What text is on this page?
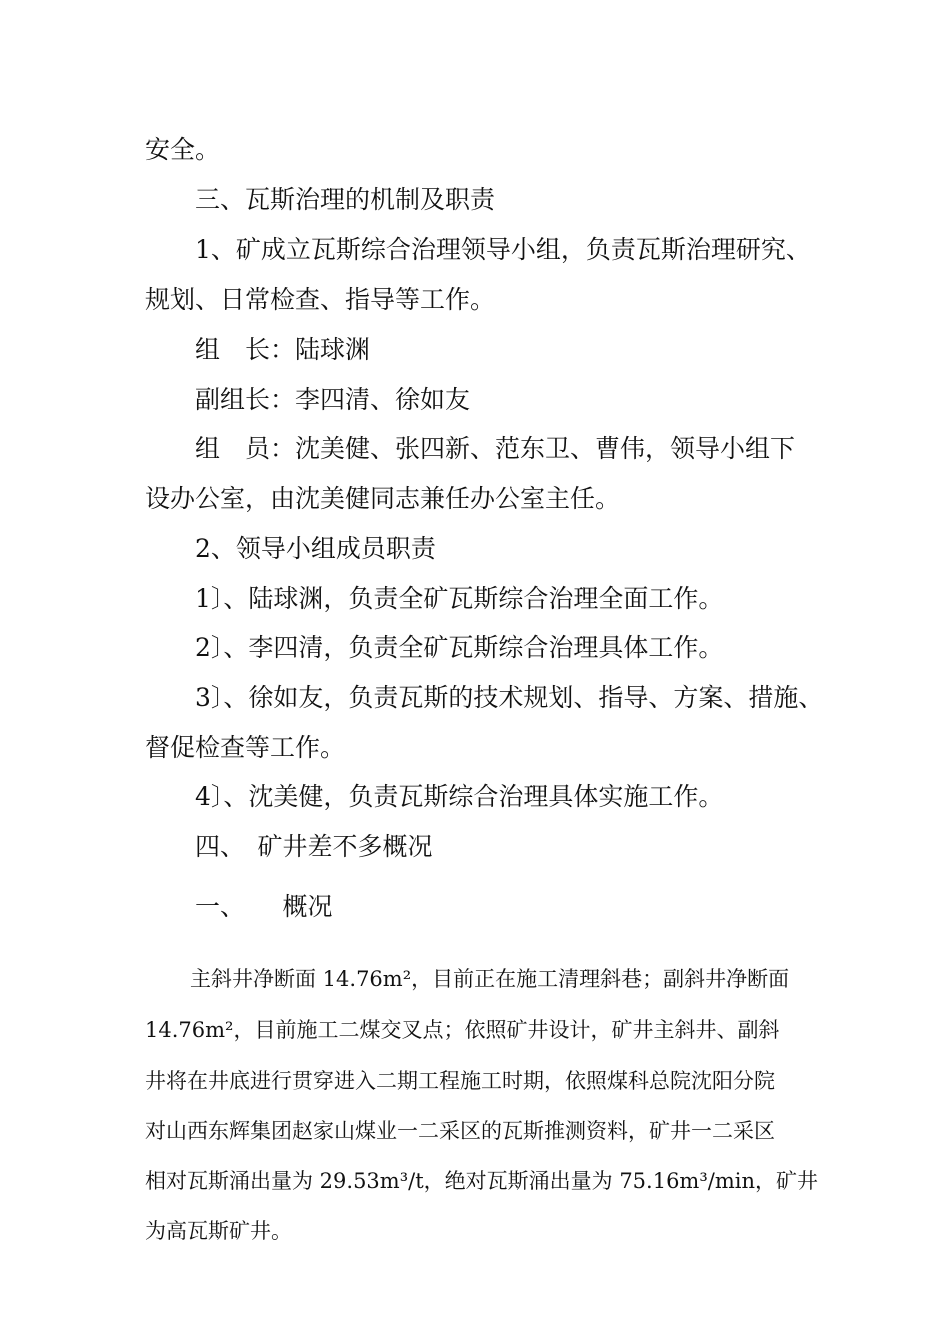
安全。

三、瓦斯治理的机制及职责

1、矿成立瓦斯综合治理领导小组，负责瓦斯治理研究、

规划、日常检查、指导等工作。

组　长：陆球渊

副组长：李四清、徐如友

组　员：沈美健、张四新、范东卫、曹伟，领导小组下

设办公室，由沈美健同志兼任办公室主任。

2、领导小组成员职责

1〕、陆球渊，负责全矿瓦斯综合治理全面工作。

2〕、李四清，负责全矿瓦斯综合治理具体工作。

3〕、徐如友，负责瓦斯的技术规划、指导、方案、措施、

督促检查等工作。

4〕、沈美健，负责瓦斯综合治理具体实施工作。

四、　矿井差不多概况

一、　　概况

主斜井净断面 14.76m²，目前正在施工清理斜巷；副斜井净断面

14.76m²，目前施工二煤交叉点；依照矿井设计，矿井主斜井、副斜

井将在井底进行贯穿进入二期工程施工时期，依照煤科总院沈阳分院

对山西东辉集团赵家山煤业一二采区的瓦斯推测资料，矿井一二采区

相对瓦斯涌出量为 29.53m³/t，绝对瓦斯涌出量为 75.16m³/min，矿井

为高瓦斯矿井。
